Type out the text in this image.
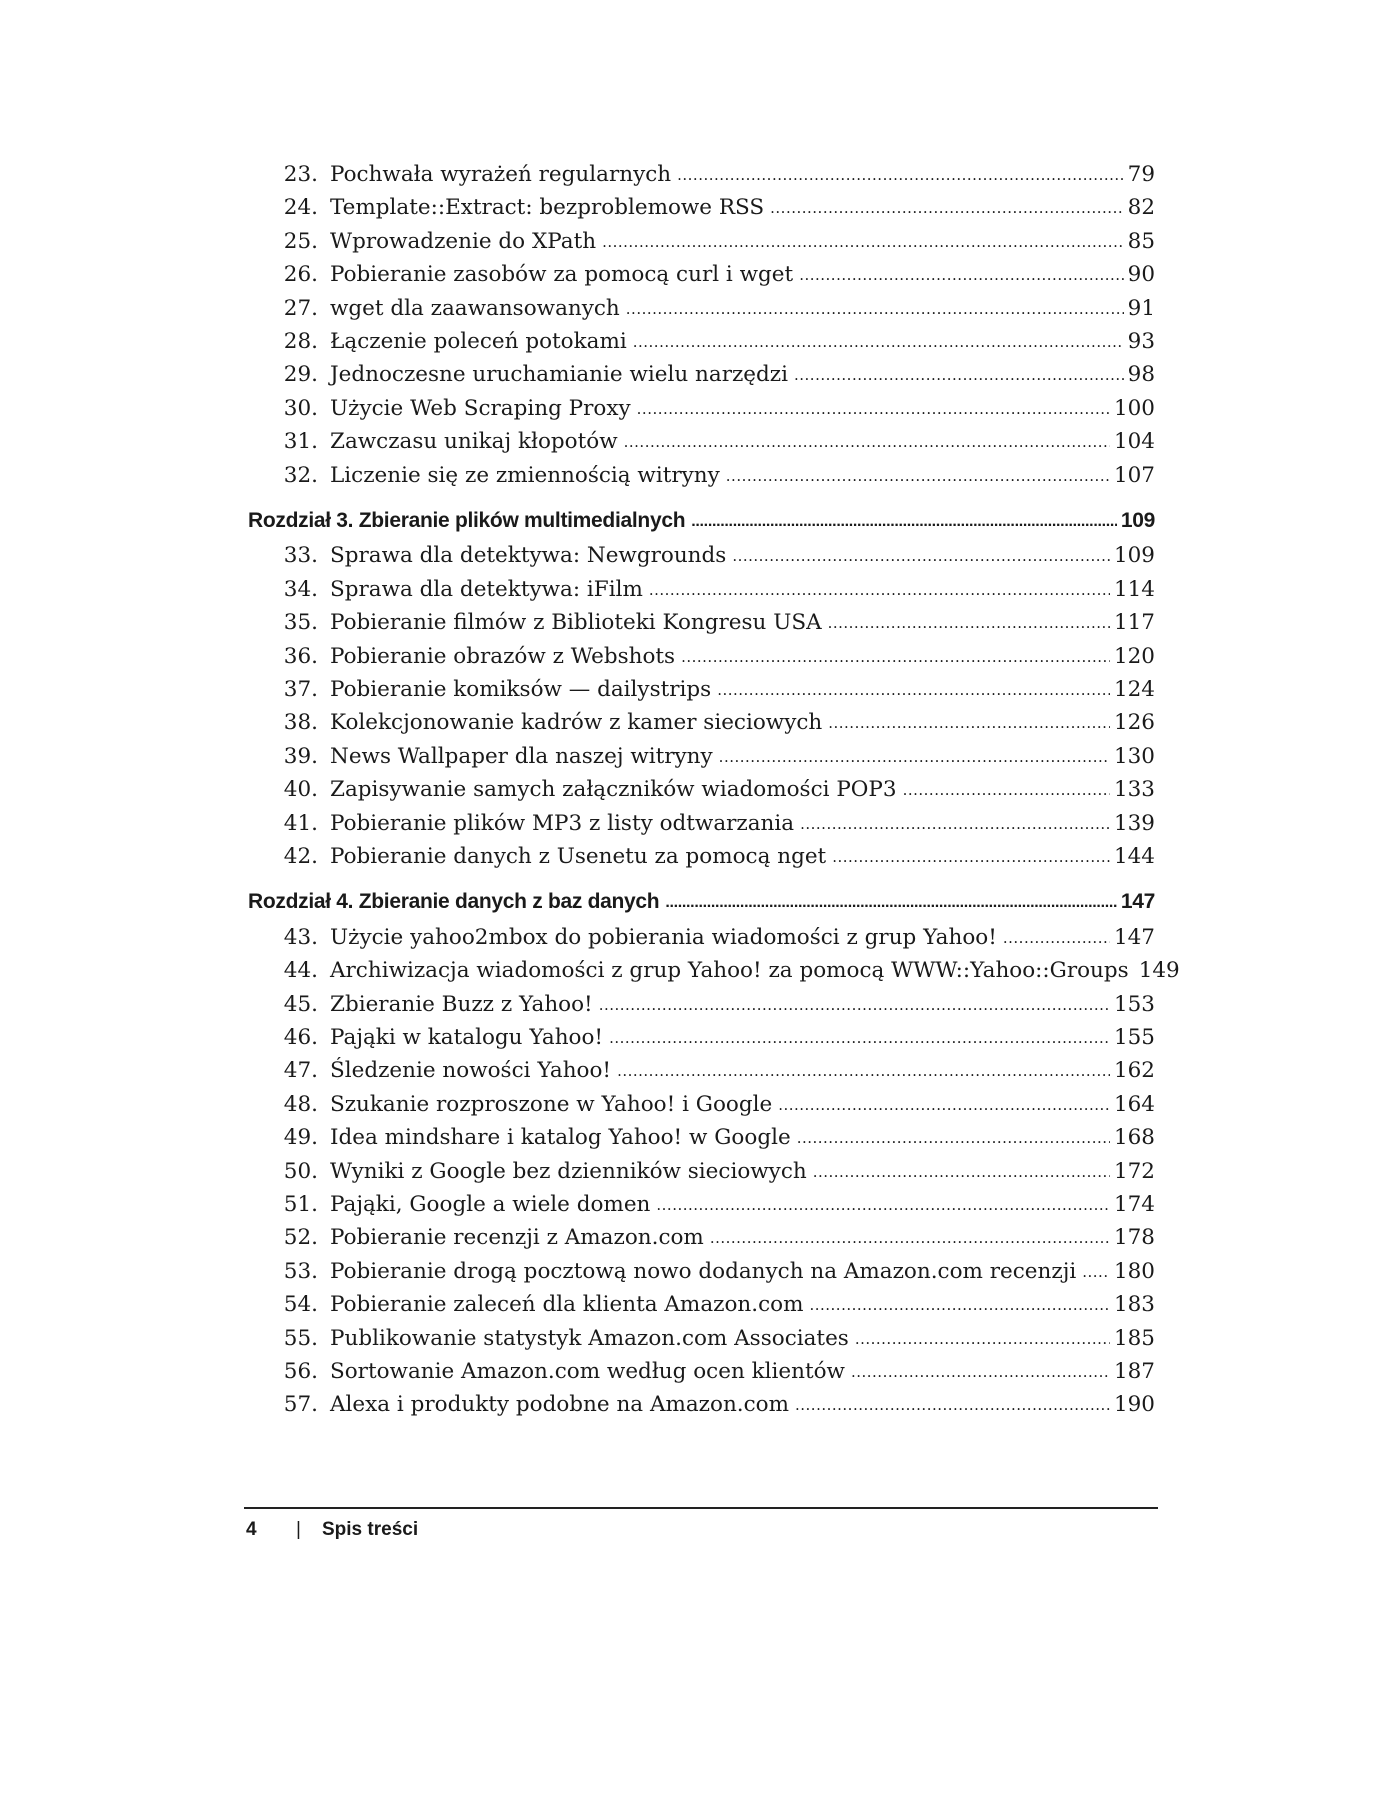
23. Pochwała wyrażeń regularnych .....	79
24. Template::Extract: bezproblemowe RSS .....	82
25. Wprowadzenie do XPath .....	85
26. Pobieranie zasobów za pomocą curl i wget .....	90
27. wget dla zaawansowanych .....	91
28. Łączenie poleceń potokami .....	93
29. Jednoczesne uruchamianie wielu narzędzi .....	98
30. Użycie Web Scraping Proxy .....	100
31. Zawczasu unikaj kłopotów .....	104
32. Liczenie się ze zmiennością witryny .....	107
Rozdział 3. Zbieranie plików multimedialnych .....	109
33. Sprawa dla detektywa: Newgrounds .....	109
34. Sprawa dla detektywa: iFilm .....	114
35. Pobieranie filmów z Biblioteki Kongresu USA .....	117
36. Pobieranie obrazów z Webshots .....	120
37. Pobieranie komiksów — dailystrips .....	124
38. Kolekcjonowanie kadrów z kamer sieciowych .....	126
39. News Wallpaper dla naszej witryny .....	130
40. Zapisywanie samych załączników wiadomości POP3 .....	133
41. Pobieranie plików MP3 z listy odtwarzania .....	139
42. Pobieranie danych z Usenetu za pomocą nget .....	144
Rozdział 4. Zbieranie danych z baz danych .....	147
43. Użycie yahoo2mbox do pobierania wiadomości z grup Yahoo! .....	147
44. Archiwizacja wiadomości z grup Yahoo! za pomocą WWW::Yahoo::Groups 149
45. Zbieranie Buzz z Yahoo! .....	153
46. Pająki w katalogu Yahoo! .....	155
47. Śledzenie nowości Yahoo! .....	162
48. Szukanie rozproszone w Yahoo! i Google .....	164
49. Idea mindshare i katalog Yahoo! w Google .....	168
50. Wyniki z Google bez dzienników sieciowych .....	172
51. Pająki, Google a wiele domen .....	174
52. Pobieranie recenzji z Amazon.com .....	178
53. Pobieranie drogą pocztową nowo dodanych na Amazon.com recenzji ..... 180
54. Pobieranie zaleceń dla klienta Amazon.com .....	183
55. Publikowanie statystyk Amazon.com Associates .....	185
56. Sortowanie Amazon.com według ocen klientów .....	187
57. Alexa i produkty podobne na Amazon.com .....	190
4	|	Spis treści
